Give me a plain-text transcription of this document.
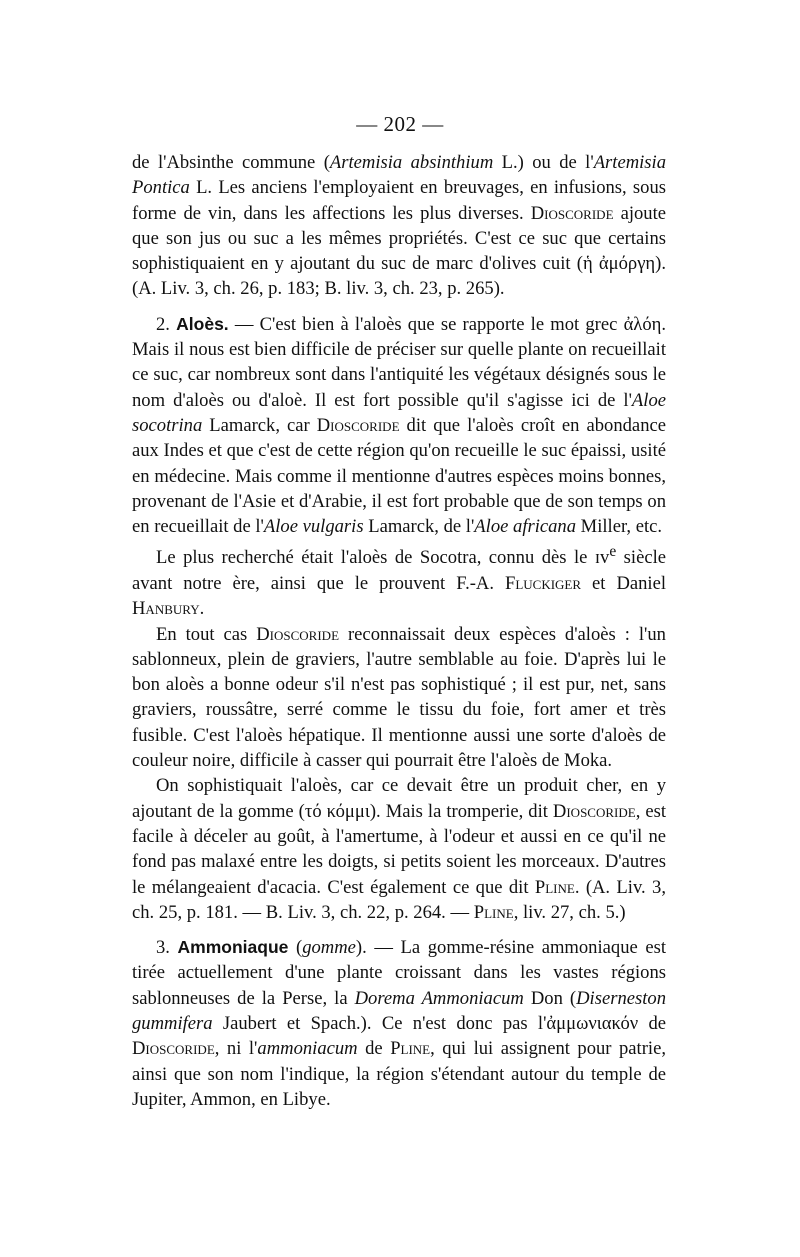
— 202 —

de l'Absinthe commune (Artemisia absinthium L.) ou de l'Artemisia Pontica L. Les anciens l'employaient en breuvages, en infusions, sous forme de vin, dans les affections les plus diverses. Dioscoride ajoute que son jus ou suc a les mêmes propriétés. C'est ce suc que certains sophistiquaient en y ajoutant du suc de marc d'olives cuit (ἡ ἀμόργη). (A. Liv. 3, ch. 26, p. 183; B. liv. 3, ch. 23, p. 265).

2. Aloès. — C'est bien à l'aloès que se rapporte le mot grec ἀλόη. Mais il nous est bien difficile de préciser sur quelle plante on recueillait ce suc, car nombreux sont dans l'antiquité les végétaux désignés sous le nom d'aloès ou d'aloè. Il est fort possible qu'il s'agisse ici de l'Aloe socotrina Lamarck, car Dioscoride dit que l'aloès croît en abondance aux Indes et que c'est de cette région qu'on recueille le suc épaissi, usité en médecine. Mais comme il mentionne d'autres espèces moins bonnes, provenant de l'Asie et d'Arabie, il est fort probable que de son temps on en recueillait de l'Aloe vulgaris Lamarck, de l'Aloe africana Miller, etc.

Le plus recherché était l'aloès de Socotra, connu dès le ɪᴠ$^e$ siècle avant notre ère, ainsi que le prouvent F.-A. Fluckiger et Daniel Hanbury.

En tout cas Dioscoride reconnaissait deux espèces d'aloès : l'un sablonneux, plein de graviers, l'autre semblable au foie. D'après lui le bon aloès a bonne odeur s'il n'est pas sophistiqué ; il est pur, net, sans graviers, roussâtre, serré comme le tissu du foie, fort amer et très fusible. C'est l'aloès hépatique. Il mentionne aussi une sorte d'aloès de couleur noire, difficile à casser qui pourrait être l'aloès de Moka.

On sophistiquait l'aloès, car ce devait être un produit cher, en y ajoutant de la gomme (τό κόμμι). Mais la tromperie, dit Dioscoride, est facile à déceler au goût, à l'amertume, à l'odeur et aussi en ce qu'il ne fond pas malaxé entre les doigts, si petits soient les morceaux. D'autres le mélangeaient d'acacia. C'est également ce que dit Pline. (A. Liv. 3, ch. 25, p. 181. — B. Liv. 3, ch. 22, p. 264. — Pline, liv. 27, ch. 5.)

3. Ammoniaque (gomme). — La gomme-résine ammoniaque est tirée actuellement d'une plante croissant dans les vastes régions sablonneuses de la Perse, la Dorema Ammoniacum Don (Diserneston gummifera Jaubert et Spach.). Ce n'est donc pas l'ἀμμωνιακόν de Dioscoride, ni l'ammoniacum de Pline, qui lui assignent pour patrie, ainsi que son nom l'indique, la région s'étendant autour du temple de Jupiter, Ammon, en Libye.
